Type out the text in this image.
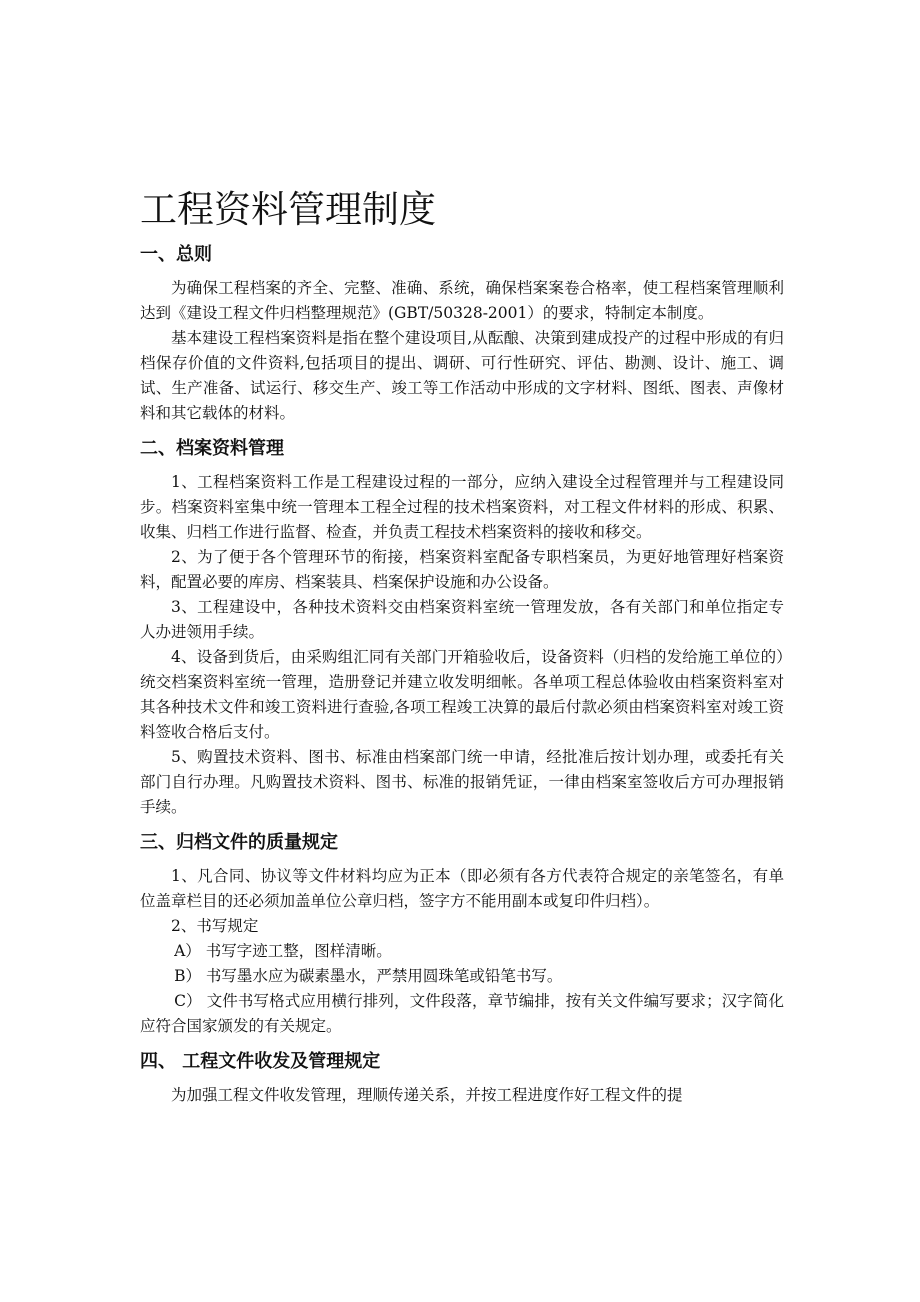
工程资料管理制度
一、总则

为确保工程档案的齐全、完整、准确、系统，确保档案案卷合格率，使工程档案管理顺利达到《建设工程文件归档整理规范》(GBT/50328-2001）的要求，特制定本制度。

基本建设工程档案资料是指在整个建设项目,从酝酿、决策到建成投产的过程中形成的有归档保存价值的文件资料,包括项目的提出、调研、可行性研究、评估、勘测、设计、施工、调试、生产准备、试运行、移交生产、竣工等工作活动中形成的文字材料、图纸、图表、声像材料和其它载体的材料。

二、档案资料管理

1、工程档案资料工作是工程建设过程的一部分，应纳入建设全过程管理并与工程建设同步。档案资料室集中统一管理本工程全过程的技术档案资料，对工程文件材料的形成、积累、收集、归档工作进行监督、检查，并负责工程技术档案资料的接收和移交。

2、为了便于各个管理环节的衔接，档案资料室配备专职档案员，为更好地管理好档案资料，配置必要的库房、档案装具、档案保护设施和办公设备。

3、工程建设中，各种技术资料交由档案资料室统一管理发放，各有关部门和单位指定专人办进领用手续。

4、设备到货后，由采购组汇同有关部门开箱验收后，设备资料（归档的发给施工单位的）统交档案资料室统一管理，造册登记并建立收发明细帐。各单项工程总体验收由档案资料室对其各种技术文件和竣工资料进行查验,各项工程竣工决算的最后付款必须由档案资料室对竣工资料签收合格后支付。

5、购置技术资料、图书、标准由档案部门统一申请，经批准后按计划办理，或委托有关部门自行办理。凡购置技术资料、图书、标准的报销凭证，一律由档案室签收后方可办理报销手续。

三、归档文件的质量规定

1、凡合同、协议等文件材料均应为正本（即必须有各方代表符合规定的亲笔签名，有单位盖章栏目的还必须加盖单位公章归档，签字方不能用副本或复印件归档）。

2、书写规定

A） 书写字迹工整，图样清晰。

B） 书写墨水应为碳素墨水，严禁用圆珠笔或铅笔书写。

C） 文件书写格式应用横行排列，文件段落，章节编排，按有关文件编写要求；汉字简化应符合国家颁发的有关规定。

四、 工程文件收发及管理规定

为加强工程文件收发管理，理顺传递关系，并按工程进度作好工程文件的提
